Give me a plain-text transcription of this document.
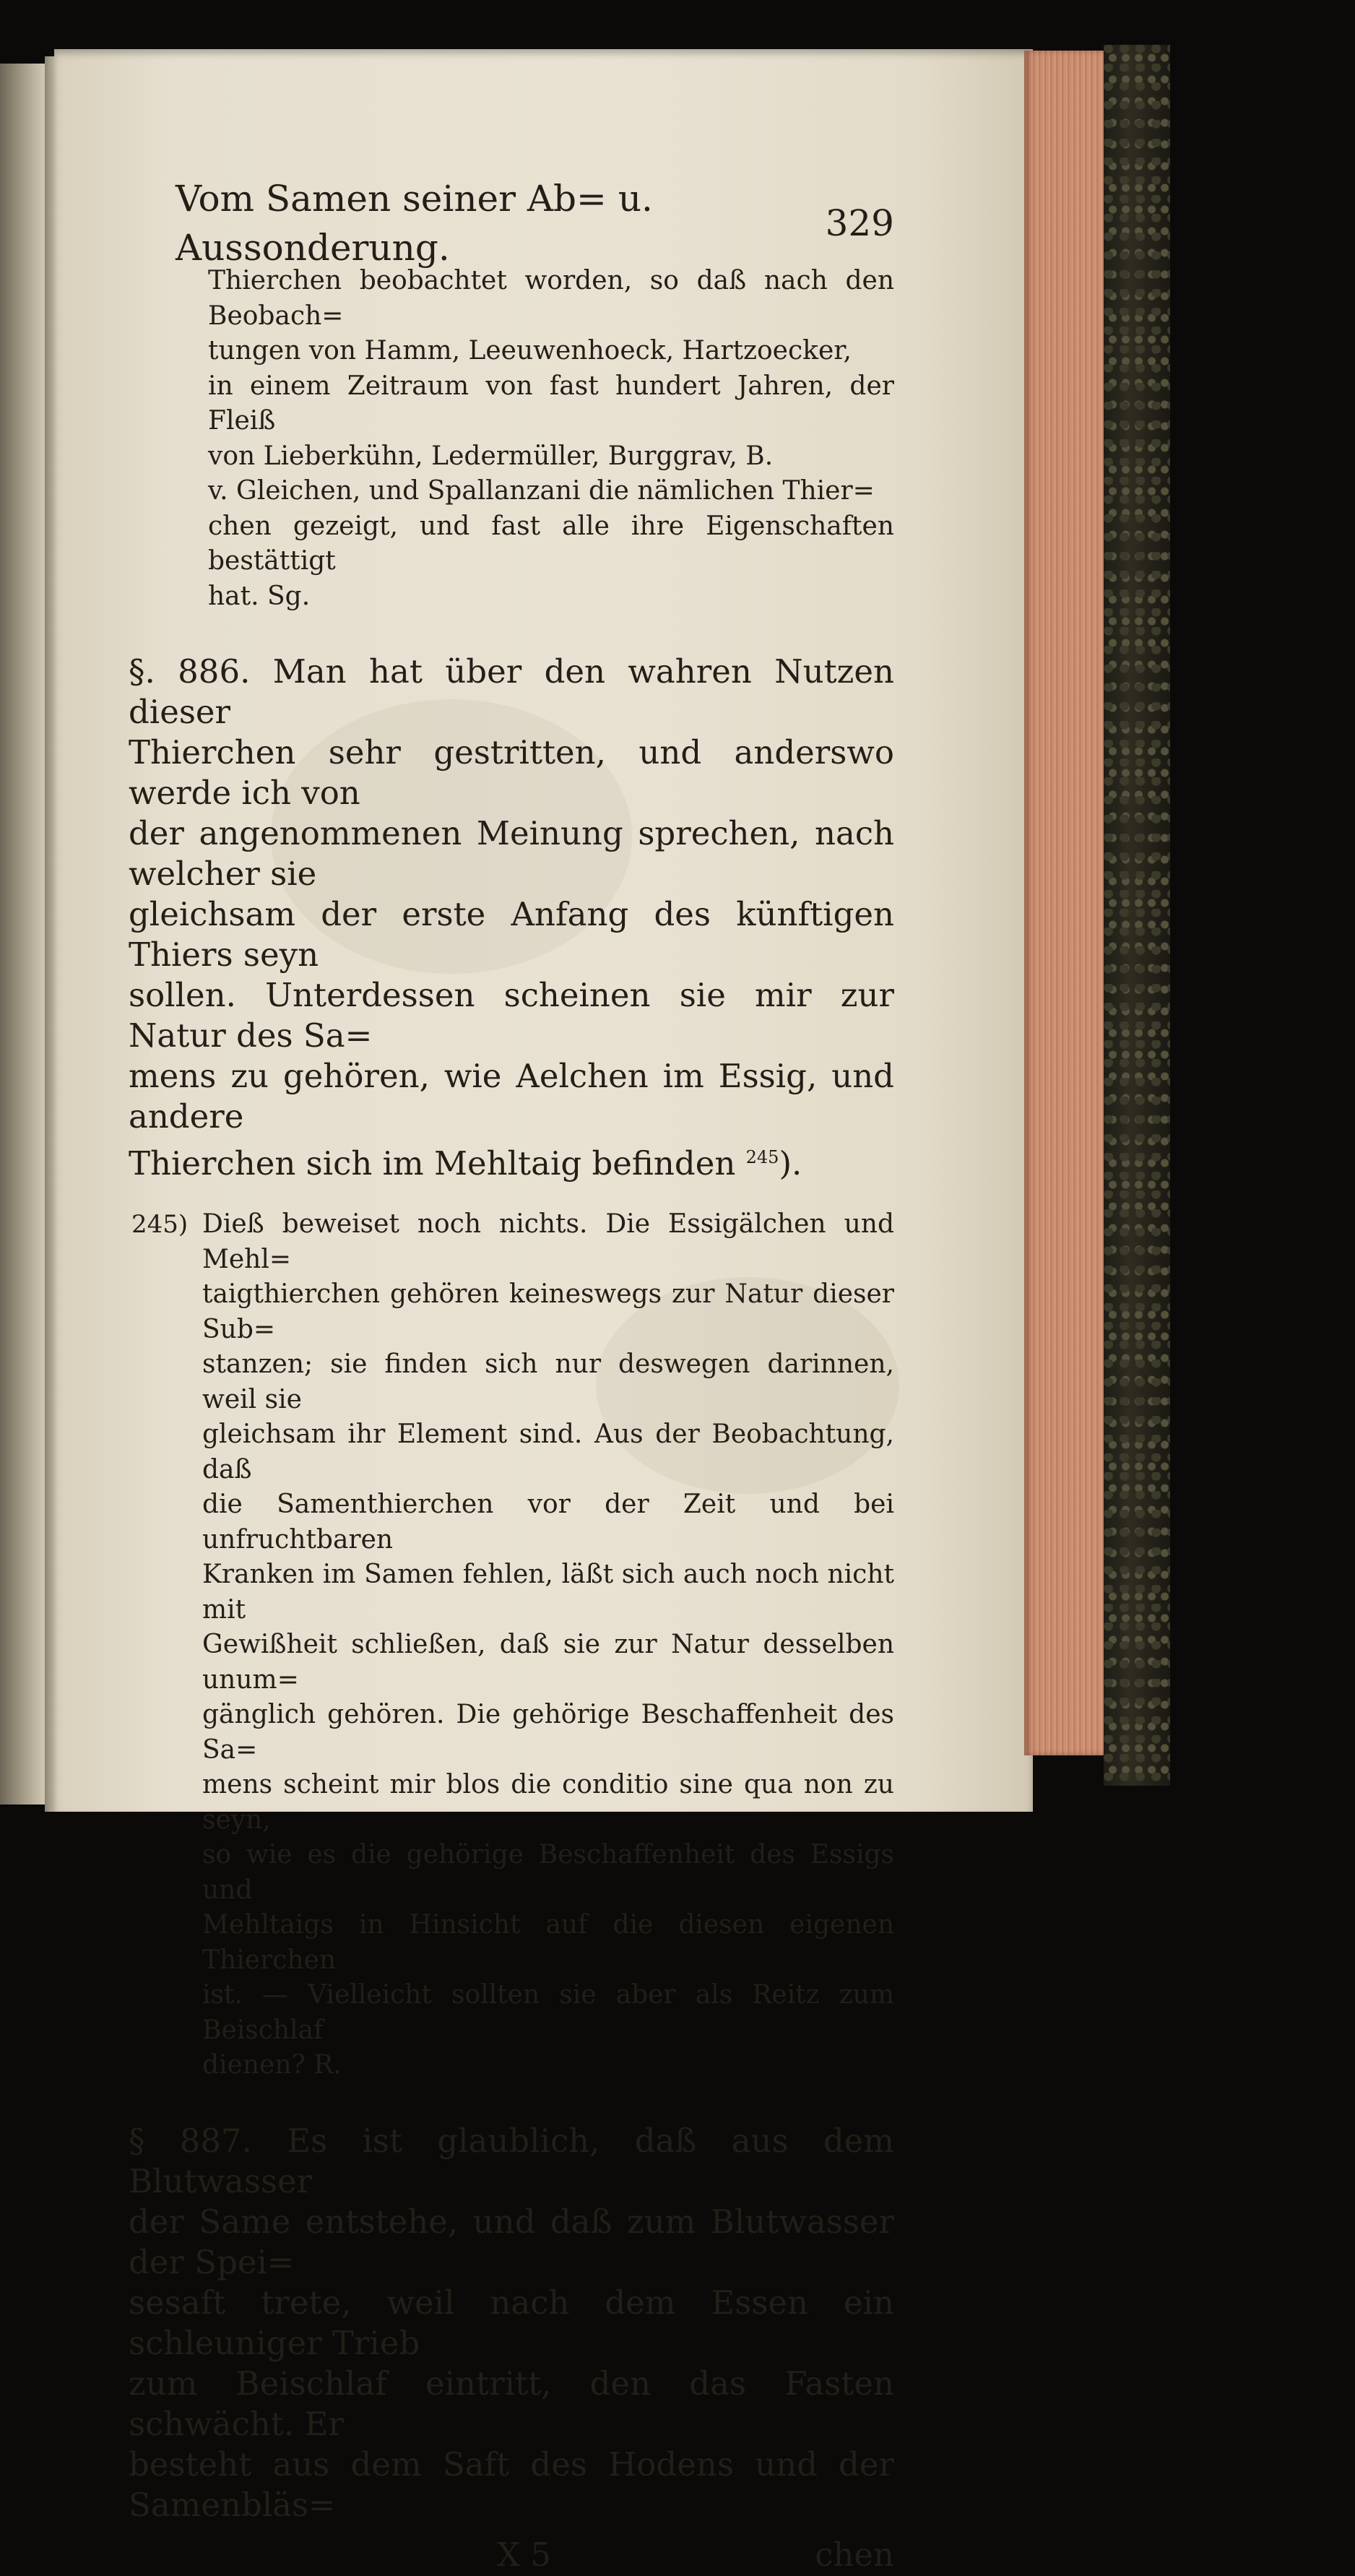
Vom Samen seiner Ab= u. Aussonderung.
329
Thierchen beobachtet worden, so daß nach den Beobach=
tungen von Hamm, Leeuwenhoeck, Hartzoecker,
in einem Zeitraum von fast hundert Jahren, der Fleiß
von Lieberkühn, Ledermüller, Burggrav, B.
v. Gleichen, und Spallanzani die nämlichen Thier=
chen gezeigt, und fast alle ihre Eigenschaften bestättigt
hat. Sg.
§. 886. Man hat über den wahren Nutzen dieser
Thierchen sehr gestritten, und anderswo werde ich von
der angenommenen Meinung sprechen, nach welcher sie
gleichsam der erste Anfang des künftigen Thiers seyn
sollen. Unterdessen scheinen sie mir zur Natur des Sa=
mens zu gehören, wie Aelchen im Essig, und andere
Thierchen sich im Mehltaig befinden $^{245}$).
245) Dieß beweiset noch nichts. Die Essigälchen und Mehl=
taigthierchen gehören keineswegs zur Natur dieser Sub=
stanzen; sie finden sich nur deswegen darinnen, weil sie
gleichsam ihr Element sind. Aus der Beobachtung, daß
die Samenthierchen vor der Zeit und bei unfruchtbaren
Kranken im Samen fehlen, läßt sich auch noch nicht mit
Gewißheit schließen, daß sie zur Natur desselben unum=
gänglich gehören. Die gehörige Beschaffenheit des Sa=
mens scheint mir blos die conditio sine qua non zu seyn,
so wie es die gehörige Beschaffenheit des Essigs und
Mehltaigs in Hinsicht auf die diesen eigenen Thierchen
ist. — Vielleicht sollten sie aber als Reitz zum Beischlaf
dienen? R.
§ 887. Es ist glaublich, daß aus dem Blutwasser
der Same entstehe, und daß zum Blutwasser der Spei=
sesaft trete, weil nach dem Essen ein schleuniger Trieb
zum Beischlaf eintritt, den das Fasten schwächt. Er
besteht aus dem Saft des Hodens und der Samenbläs=
X 5	chen
